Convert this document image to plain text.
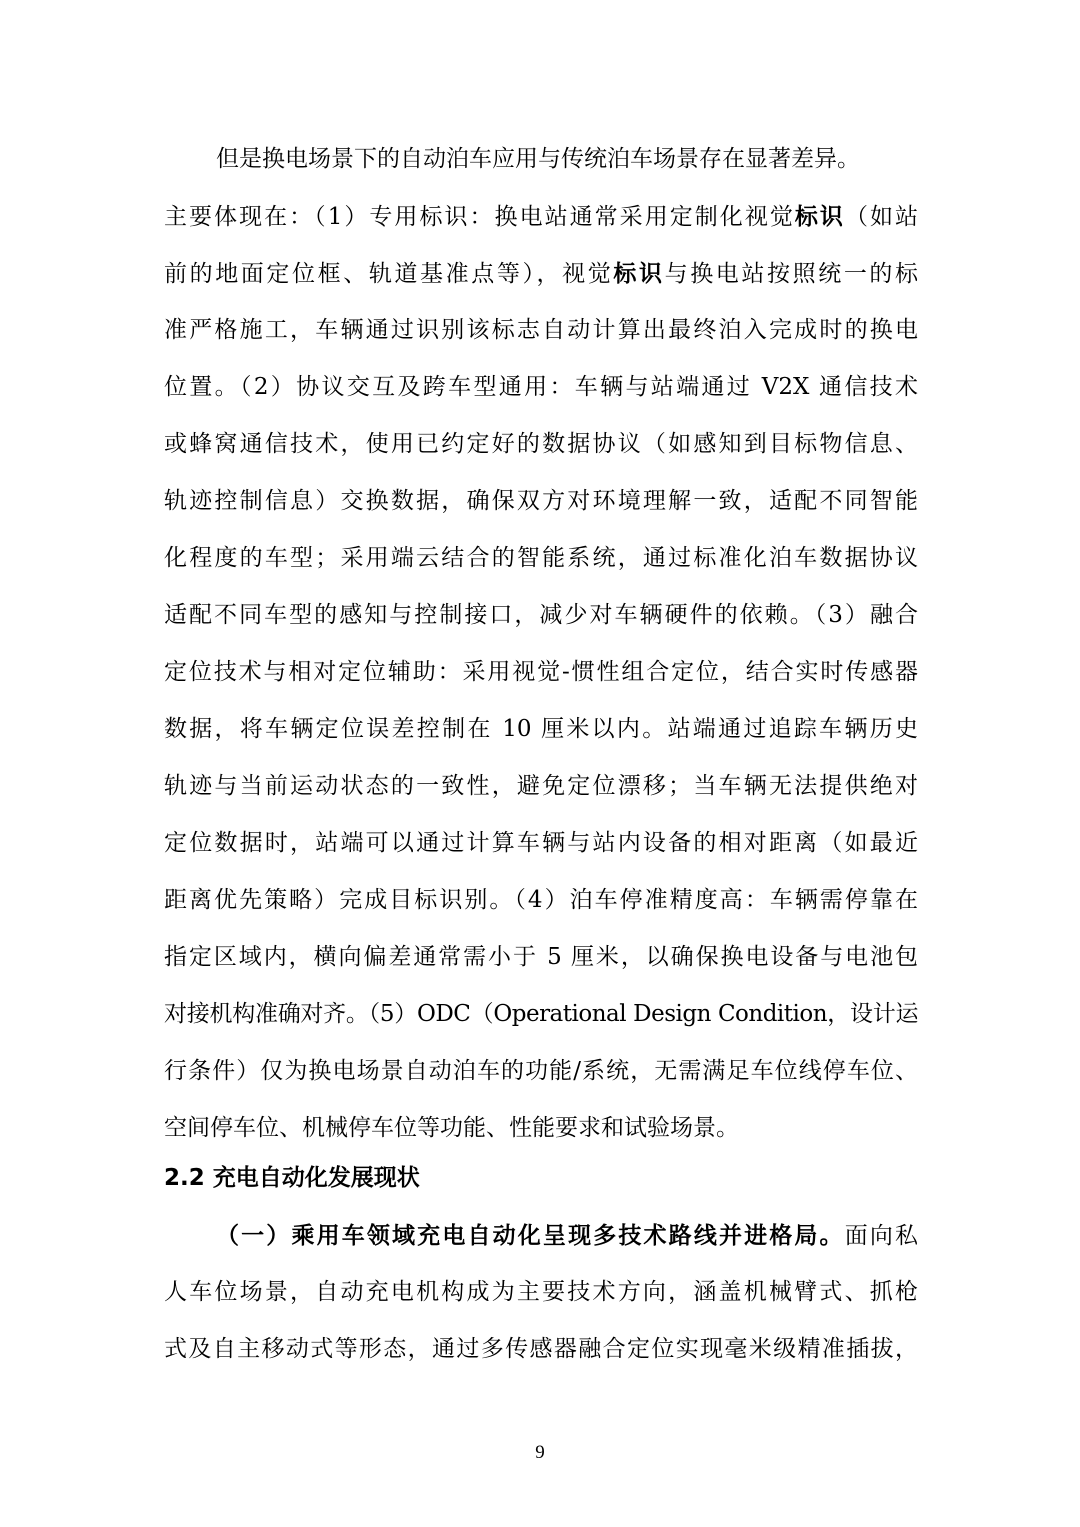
但是换电场景下的自动泊车应用与传统泊车场景存在显著差异。
主要体现在：（1）专用标识：换电站通常采用定制化视觉标识（如站
前的地面定位框、轨道基准点等），视觉标识与换电站按照统一的标
准严格施工，车辆通过识别该标志自动计算出最终泊入完成时的换电
位置。（2）协议交互及跨车型通用：车辆与站端通过 V2X 通信技术
或蜂窝通信技术，使用已约定好的数据协议（如感知到目标物信息、
轨迹控制信息）交换数据，确保双方对环境理解一致，适配不同智能
化程度的车型；采用端云结合的智能系统，通过标准化泊车数据协议
适配不同车型的感知与控制接口，减少对车辆硬件的依赖。（3）融合
定位技术与相对定位辅助：采用视觉-惯性组合定位，结合实时传感器
数据，将车辆定位误差控制在 10 厘米以内。站端通过追踪车辆历史
轨迹与当前运动状态的一致性，避免定位漂移；当车辆无法提供绝对
定位数据时，站端可以通过计算车辆与站内设备的相对距离（如最近
距离优先策略）完成目标识别。（4）泊车停准精度高：车辆需停靠在
指定区域内，横向偏差通常需小于 5 厘米，以确保换电设备与电池包
对接机构准确对齐。（5）ODC（Operational Design Condition，设计运
行条件）仅为换电场景自动泊车的功能/系统，无需满足车位线停车位、
空间停车位、机械停车位等功能、性能要求和试验场景。
2.2 充电自动化发展现状
（一）乘用车领域充电自动化呈现多技术路线并进格局。面向私
人车位场景，自动充电机构成为主要技术方向，涵盖机械臂式、抓枪
式及自主移动式等形态，通过多传感器融合定位实现毫米级精准插拔，
9
